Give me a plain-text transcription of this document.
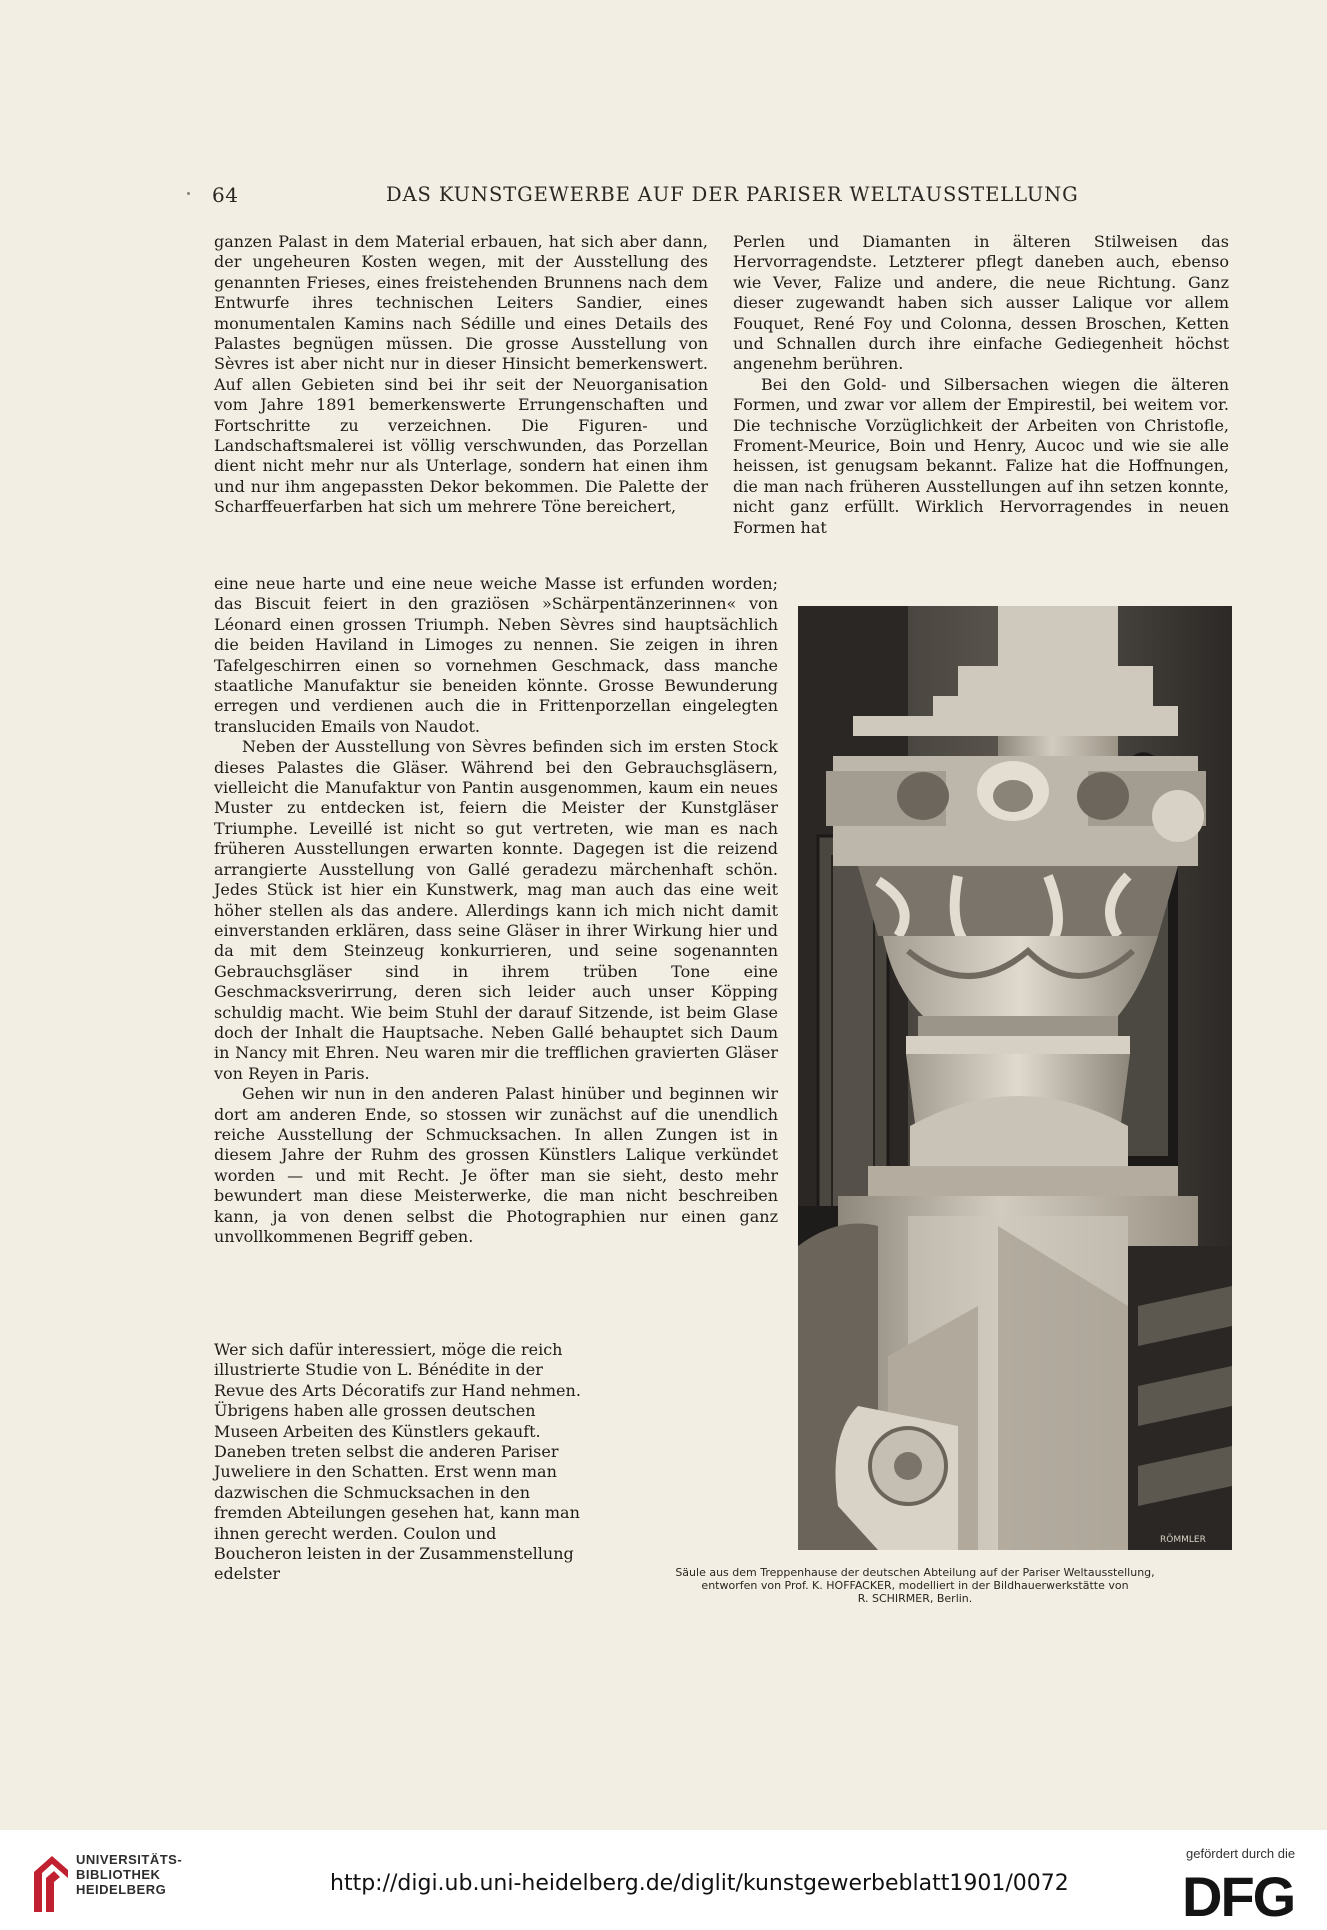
64	DAS KUNSTGEWERBE AUF DER PARISER WELTAUSSTELLUNG

ganzen Palast in dem Material erbauen, hat sich aber dann, der ungeheuren Kosten wegen, mit der Ausstellung des genannten Frieses, eines freistehenden Brunnens nach dem Entwurfe ihres technischen Leiters Sandier, eines monumentalen Kamins nach Sédille und eines Details des Palastes begnügen müssen. Die grosse Ausstellung von Sèvres ist aber nicht nur in dieser Hinsicht bemerkenswert. Auf allen Gebieten sind bei ihr seit der Neuorganisation vom Jahre 1891 bemerkenswerte Errungenschaften und Fortschritte zu verzeichnen. Die Figuren- und Landschaftsmalerei ist völlig verschwunden, das Porzellan dient nicht mehr nur als Unterlage, sondern hat einen ihm und nur ihm angepassten Dekor bekommen. Die Palette der Scharffeuerfarben hat sich um mehrere Töne bereichert,

Perlen und Diamanten in älteren Stilweisen das Hervorragendste. Letzterer pflegt daneben auch, ebenso wie Vever, Falize und andere, die neue Richtung. Ganz dieser zugewandt haben sich ausser Lalique vor allem Fouquet, René Foy und Colonna, dessen Broschen, Ketten und Schnallen durch ihre einfache Gediegenheit höchst angenehm berühren.

Bei den Gold- und Silbersachen wiegen die älteren Formen, und zwar vor allem der Empirestil, bei weitem vor. Die technische Vorzüglichkeit der Arbeiten von Christofle, Froment-Meurice, Boin und Henry, Aucoc und wie sie alle heissen, ist genugsam bekannt. Falize hat die Hoffnungen, die man nach früheren Ausstellungen auf ihn setzen konnte, nicht ganz erfüllt. Wirklich Hervorragendes in neuen Formen hat

eine neue harte und eine neue weiche Masse ist erfunden worden; das Biscuit feiert in den graziösen »Schärpentänzerinnen« von Léonard einen grossen Triumph. Neben Sèvres sind hauptsächlich die beiden Haviland in Limoges zu nennen. Sie zeigen in ihren Tafelgeschirren einen so vornehmen Geschmack, dass manche staatliche Manufaktur sie beneiden könnte. Grosse Bewunderung erregen und verdienen auch die in Frittenporzellan eingelegten transluciden Emails von Naudot.

Neben der Ausstellung von Sèvres befinden sich im ersten Stock dieses Palastes die Gläser. Während bei den Gebrauchsgläsern, vielleicht die Manufaktur von Pantin ausgenommen, kaum ein neues Muster zu entdecken ist, feiern die Meister der Kunstgläser Triumphe. Leveillé ist nicht so gut vertreten, wie man es nach früheren Ausstellungen erwarten konnte. Dagegen ist die reizend arrangierte Ausstellung von Gallé geradezu märchenhaft schön. Jedes Stück ist hier ein Kunstwerk, mag man auch das eine weit höher stellen als das andere. Allerdings kann ich mich nicht damit einverstanden erklären, dass seine Gläser in ihrer Wirkung hier und da mit dem Steinzeug konkurrieren, und seine sogenannten Gebrauchsgläser sind in ihrem trüben Tone eine Geschmacksverirrung, deren sich leider auch unser Köpping schuldig macht. Wie beim Stuhl der darauf Sitzende, ist beim Glase doch der Inhalt die Hauptsache. Neben Gallé behauptet sich Daum in Nancy mit Ehren. Neu waren mir die trefflichen gravierten Gläser von Reyen in Paris.

Gehen wir nun in den anderen Palast hinüber und beginnen wir dort am anderen Ende, so stossen wir zunächst auf die unendlich reiche Ausstellung der Schmucksachen. In allen Zungen ist in diesem Jahre der Ruhm des grossen Künstlers Lalique verkündet worden — und mit Recht. Je öfter man sie sieht, desto mehr bewundert man diese Meisterwerke, die man nicht beschreiben kann, ja von denen selbst die Photographien nur einen ganz unvollkommenen Begriff geben.

Wer sich dafür interessiert, möge die reich illustrierte Studie von L. Bénédite in der Revue des Arts Décoratifs zur Hand nehmen. Übrigens haben alle grossen deutschen Museen Arbeiten des Künstlers gekauft. Daneben treten selbst die anderen Pariser Juweliere in den Schatten. Erst wenn man dazwischen die Schmucksachen in den fremden Abteilungen gesehen hat, kann man ihnen gerecht werden. Coulon und Boucheron leisten in der Zusammenstellung edelster

RÖMMLER
Säule aus dem Treppenhause der deutschen Abteilung auf der Pariser Weltausstellung,
entworfen von Prof. K. HOFFACKER, modelliert in der Bildhauerwerkstätte von
R. SCHIRMER, Berlin.
UNIVERSITÄTS-
BIBLIOTHEK
HEIDELBERG	http://digi.ub.uni-heidelberg.de/diglit/kunstgewerbeblatt1901/0072
gefördert durch die
DFG
